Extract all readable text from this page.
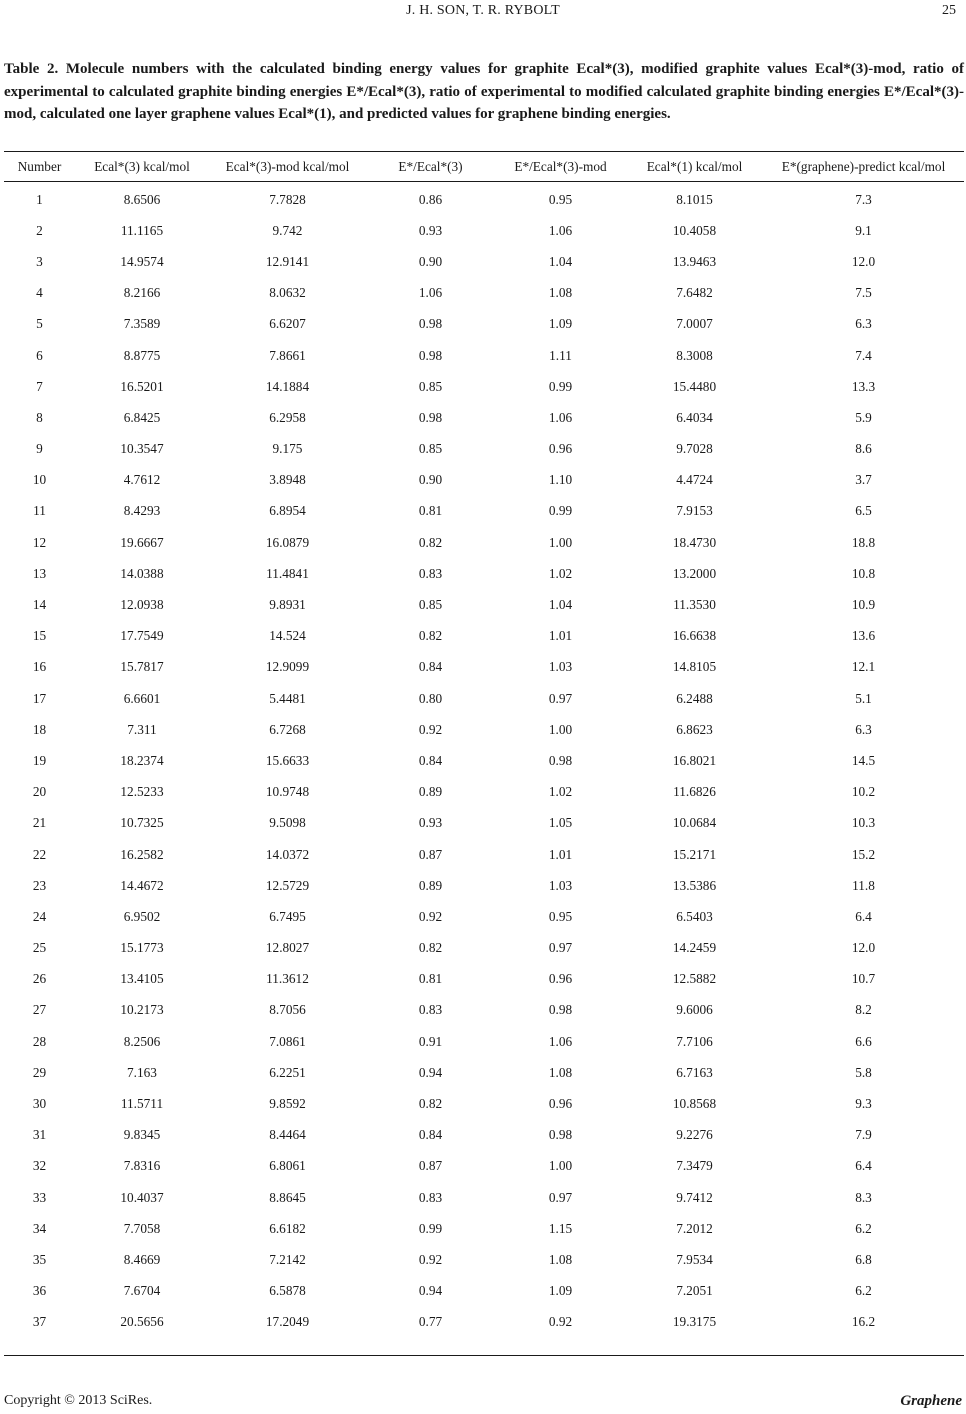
J. H. SON, T. R. RYBOLT	25
Table 2. Molecule numbers with the calculated binding energy values for graphite Ecal*(3), modified graphite values Ecal*(3)-mod, ratio of experimental to calculated graphite binding energies E*/Ecal*(3), ratio of experimental to modified calculated graphite binding energies E*/Ecal*(3)-mod, calculated one layer graphene values Ecal*(1), and predicted values for graphene binding energies.
Number	Ecal*(3) kcal/mol	Ecal*(3)-mod kcal/mol	E*/Ecal*(3)	E*/Ecal*(3)-mod	Ecal*(1) kcal/mol	E*(graphene)-predict kcal/mol
1	8.6506	7.7828	0.86	0.95	8.1015	7.3
2	11.1165	9.742	0.93	1.06	10.4058	9.1
3	14.9574	12.9141	0.90	1.04	13.9463	12.0
4	8.2166	8.0632	1.06	1.08	7.6482	7.5
5	7.3589	6.6207	0.98	1.09	7.0007	6.3
6	8.8775	7.8661	0.98	1.11	8.3008	7.4
7	16.5201	14.1884	0.85	0.99	15.4480	13.3
8	6.8425	6.2958	0.98	1.06	6.4034	5.9
9	10.3547	9.175	0.85	0.96	9.7028	8.6
10	4.7612	3.8948	0.90	1.10	4.4724	3.7
11	8.4293	6.8954	0.81	0.99	7.9153	6.5
12	19.6667	16.0879	0.82	1.00	18.4730	18.8
13	14.0388	11.4841	0.83	1.02	13.2000	10.8
14	12.0938	9.8931	0.85	1.04	11.3530	10.9
15	17.7549	14.524	0.82	1.01	16.6638	13.6
16	15.7817	12.9099	0.84	1.03	14.8105	12.1
17	6.6601	5.4481	0.80	0.97	6.2488	5.1
18	7.311	6.7268	0.92	1.00	6.8623	6.3
19	18.2374	15.6633	0.84	0.98	16.8021	14.5
20	12.5233	10.9748	0.89	1.02	11.6826	10.2
21	10.7325	9.5098	0.93	1.05	10.0684	10.3
22	16.2582	14.0372	0.87	1.01	15.2171	15.2
23	14.4672	12.5729	0.89	1.03	13.5386	11.8
24	6.9502	6.7495	0.92	0.95	6.5403	6.4
25	15.1773	12.8027	0.82	0.97	14.2459	12.0
26	13.4105	11.3612	0.81	0.96	12.5882	10.7
27	10.2173	8.7056	0.83	0.98	9.6006	8.2
28	8.2506	7.0861	0.91	1.06	7.7106	6.6
29	7.163	6.2251	0.94	1.08	6.7163	5.8
30	11.5711	9.8592	0.82	0.96	10.8568	9.3
31	9.8345	8.4464	0.84	0.98	9.2276	7.9
32	7.8316	6.8061	0.87	1.00	7.3479	6.4
33	10.4037	8.8645	0.83	0.97	9.7412	8.3
34	7.7058	6.6182	0.99	1.15	7.2012	6.2
35	8.4669	7.2142	0.92	1.08	7.9534	6.8
36	7.6704	6.5878	0.94	1.09	7.2051	6.2
37	20.5656	17.2049	0.77	0.92	19.3175	16.2
Copyright © 2013 SciRes.	Graphene
